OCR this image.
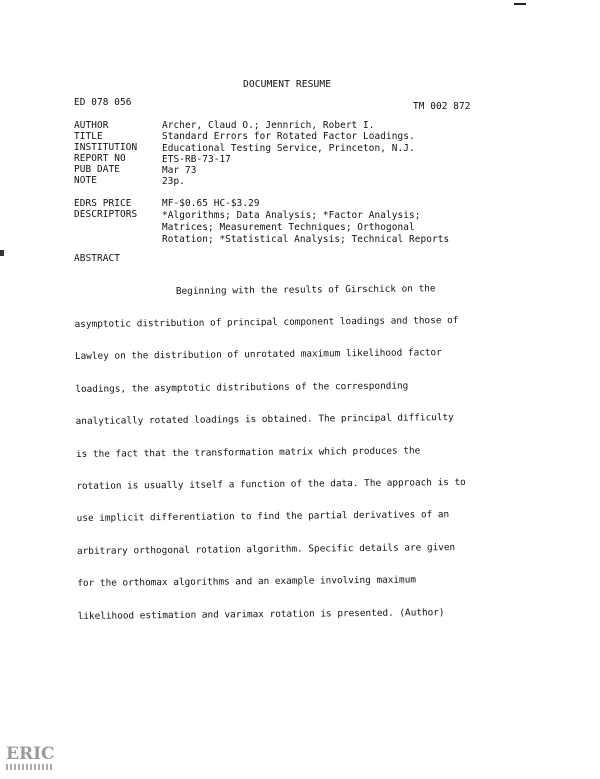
DOCUMENT RESUME
ED 078 056	TM 002 872
AUTHOR	Archer, Claud O.; Jennrich, Robert I.
TITLE	Standard Errors for Rotated Factor Loadings.
INSTITUTION	Educational Testing Service, Princeton, N.J.
REPORT NO	ETS-RB-73-17
PUB DATE	Mar 73
NOTE	23p.
EDRS PRICE	MF-$0.65 HC-$3.29
DESCRIPTORS	*Algorithms; Data Analysis; *Factor Analysis;
Matrices; Measurement Techniques; Orthogonal
Rotation; *Statistical Analysis; Technical Reports
ABSTRACT

Beginning with the results of Girschick on the

asymptotic distribution of principal component loadings and those of

Lawley on the distribution of unrotated maximum likelihood factor

loadings, the asymptotic distributions of the corresponding

analytically rotated loadings is obtained. The principal difficulty

is the fact that the transformation matrix which produces the

rotation is usually itself a function of the data. The approach is to

use implicit differentiation to find the partial derivatives of an

arbitrary orthogonal rotation algorithm. Specific details are given

for the orthomax algorithms and an example involving maximum

likelihood estimation and varimax rotation is presented. (Author)

ERIC
